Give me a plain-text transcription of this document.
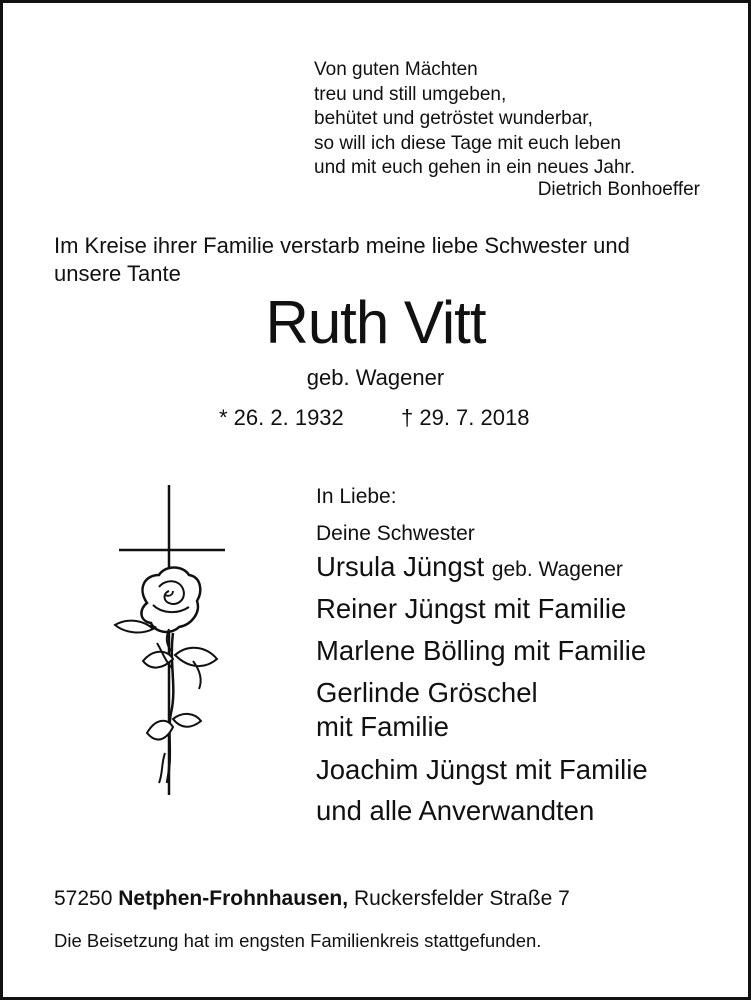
Von guten Mächten
treu und still umgeben,
behütet und getröstet wunderbar,
so will ich diese Tage mit euch leben
und mit euch gehen in ein neues Jahr.
Dietrich Bonhoeffer
Im Kreise ihrer Familie verstarb meine liebe Schwester und
unsere Tante
Ruth Vitt
geb. Wagener
* 26. 2. 1932	† 29. 7. 2018
In Liebe:
Deine Schwester
Ursula Jüngst geb. Wagener
Reiner Jüngst mit Familie
Marlene Bölling mit Familie
Gerlinde Gröschel
mit Familie
Joachim Jüngst mit Familie
und alle Anverwandten
57250 Netphen-Frohnhausen, Ruckersfelder Straße 7
Die Beisetzung hat im engsten Familienkreis stattgefunden.
